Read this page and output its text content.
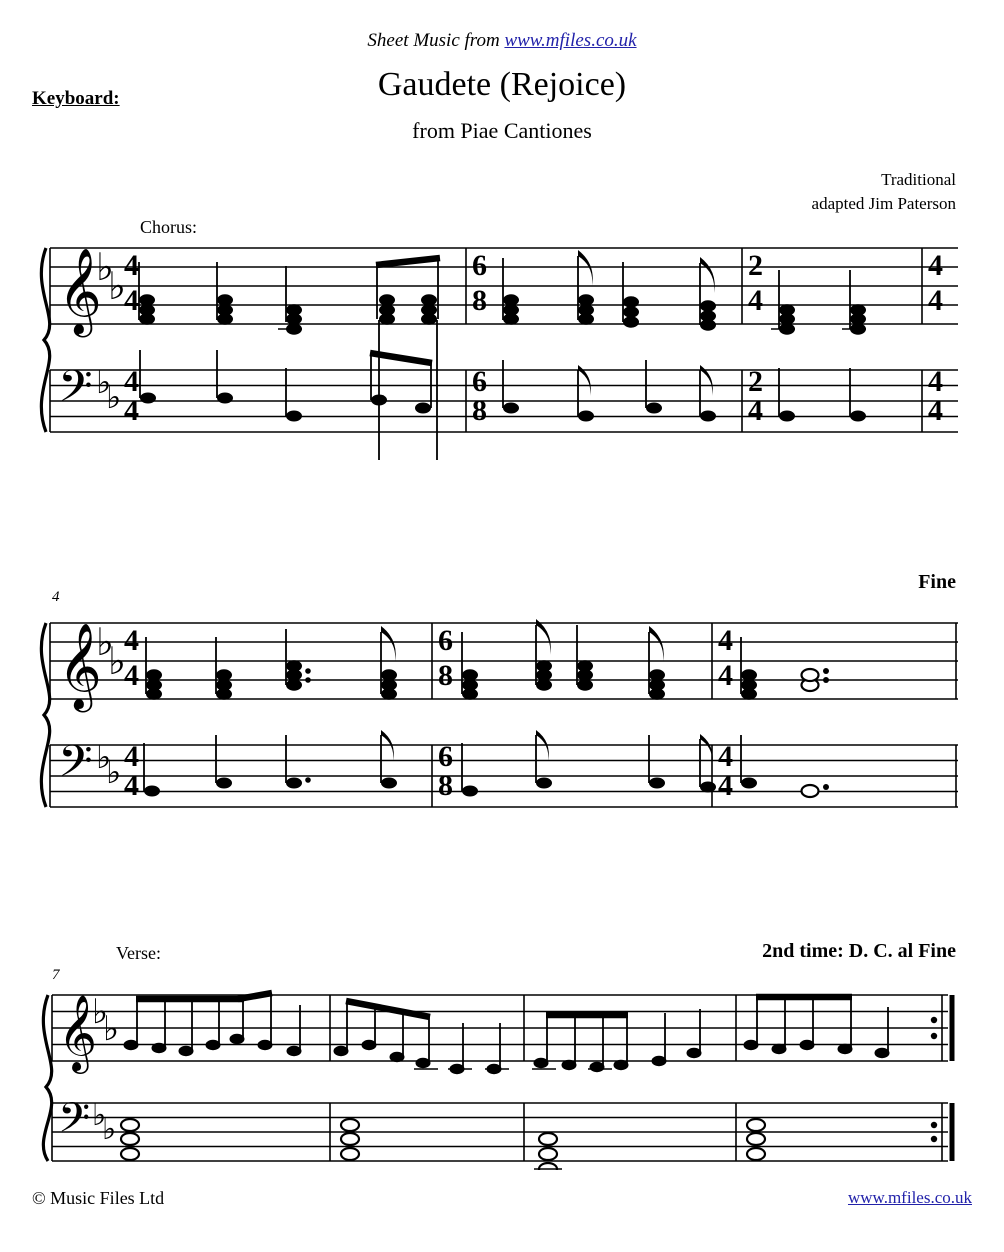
Sheet Music from www.mfiles.co.uk
Gaudete (Rejoice)
from Piae Cantiones
Keyboard:
Traditional
adapted Jim Paterson
Chorus:
𝄞
𝄢
♭
♭
♭
♭
4
4
4
4
6
8
6
8
2
4
2
4
4
4
4
4
4
Fine
𝄞
𝄢
♭
♭
♭
♭
4
4
4
4
6
8
6
8
4
4
4
4
7
Verse:	2nd time: D. C. al Fine
𝄞
𝄢
♭
♭
♭
♭
© Music Files Ltd	www.mfiles.co.uk
